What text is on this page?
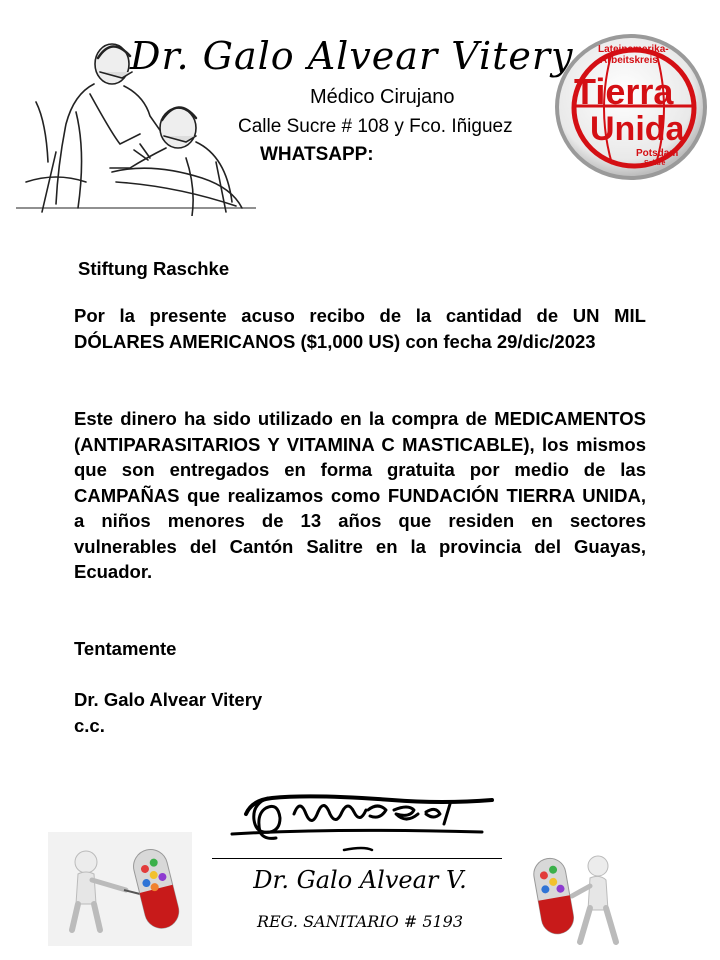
Dr. Galo Alvear Vitery
Médico Cirujano
Calle Sucre # 108 y Fco. Iñiguez
WHATSAPP:
Lateinamerika-
Arbeitskreis
Tierra
Unida
Potsdam
Salitre
Stiftung Raschke

Por la presente acuso recibo de la cantidad de UN MIL DÓLARES AMERICANOS ($1,000 US) con fecha 29/dic/2023

Este dinero ha sido utilizado en la compra de MEDICAMENTOS (ANTIPARASITARIOS Y VITAMINA C MASTICABLE), los mismos que son entregados en forma gratuita por medio de las CAMPAÑAS que realizamos como FUNDACIÓN TIERRA UNIDA, a niños menores de 13 años que residen en sectores vulnerables del Cantón Salitre en la provincia del Guayas, Ecuador.

Tentamente
Dr. Galo Alvear Vitery
c.c.
Dr. Galo Alvear V.
REG. SANITARIO # 5193
